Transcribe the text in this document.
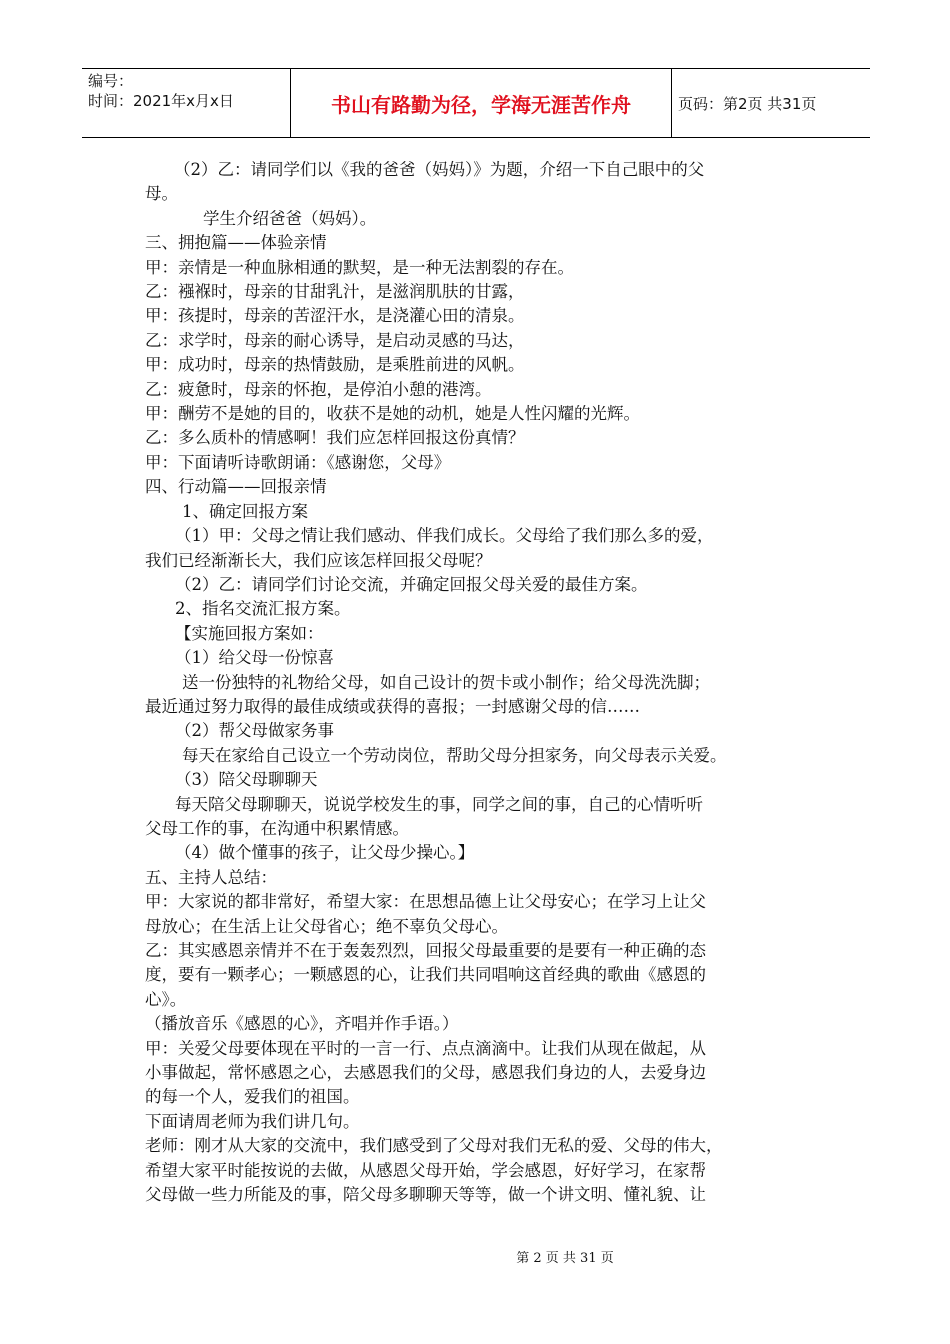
编号：
时间：2021年x月x日	书山有路勤为径，学海无涯苦作舟	页码：第2页 共31页
（2）乙：请同学们以《我的爸爸（妈妈）》为题，介绍一下自己眼中的父
母。
学生介绍爸爸（妈妈）。
三、拥抱篇——体验亲情
甲：亲情是一种血脉相通的默契，是一种无法割裂的存在。
乙：襁褓时，母亲的甘甜乳汁，是滋润肌肤的甘露，
甲：孩提时，母亲的苦涩汗水，是浇灌心田的清泉。
乙：求学时，母亲的耐心诱导，是启动灵感的马达，
甲：成功时，母亲的热情鼓励，是乘胜前进的风帆。
乙：疲惫时，母亲的怀抱，是停泊小憩的港湾。
甲：酬劳不是她的目的，收获不是她的动机，她是人性闪耀的光辉。
乙：多么质朴的情感啊！我们应怎样回报这份真情？
甲：下面请听诗歌朗诵：《感谢您，父母》
四、行动篇——回报亲情
1、确定回报方案
（1）甲：父母之情让我们感动、伴我们成长。父母给了我们那么多的爱，
我们已经渐渐长大，我们应该怎样回报父母呢？
（2）乙：请同学们讨论交流，并确定回报父母关爱的最佳方案。
2、指名交流汇报方案。
【实施回报方案如：
（1）给父母一份惊喜
送一份独特的礼物给父母，如自己设计的贺卡或小制作；给父母洗洗脚；
最近通过努力取得的最佳成绩或获得的喜报；一封感谢父母的信……
（2）帮父母做家务事
每天在家给自己设立一个劳动岗位，帮助父母分担家务，向父母表示关爱。
（3）陪父母聊聊天
每天陪父母聊聊天，说说学校发生的事，同学之间的事，自己的心情听听
父母工作的事，在沟通中积累情感。
（4）做个懂事的孩子，让父母少操心。】
五、主持人总结：
甲：大家说的都非常好，希望大家：在思想品德上让父母安心；在学习上让父
母放心；在生活上让父母省心；绝不辜负父母心。
乙：其实感恩亲情并不在于轰轰烈烈，回报父母最重要的是要有一种正确的态
度，要有一颗孝心；一颗感恩的心，让我们共同唱响这首经典的歌曲《感恩的
心》。
（播放音乐《感恩的心》，齐唱并作手语。）
甲：关爱父母要体现在平时的一言一行、点点滴滴中。让我们从现在做起，从
小事做起，常怀感恩之心，去感恩我们的父母，感恩我们身边的人，去爱身边
的每一个人，爱我们的祖国。
下面请周老师为我们讲几句。
老师：刚才从大家的交流中，我们感受到了父母对我们无私的爱、父母的伟大，
希望大家平时能按说的去做，从感恩父母开始，学会感恩，好好学习，在家帮
父母做一些力所能及的事，陪父母多聊聊天等等，做一个讲文明、懂礼貌、让
第 2 页 共 31 页
